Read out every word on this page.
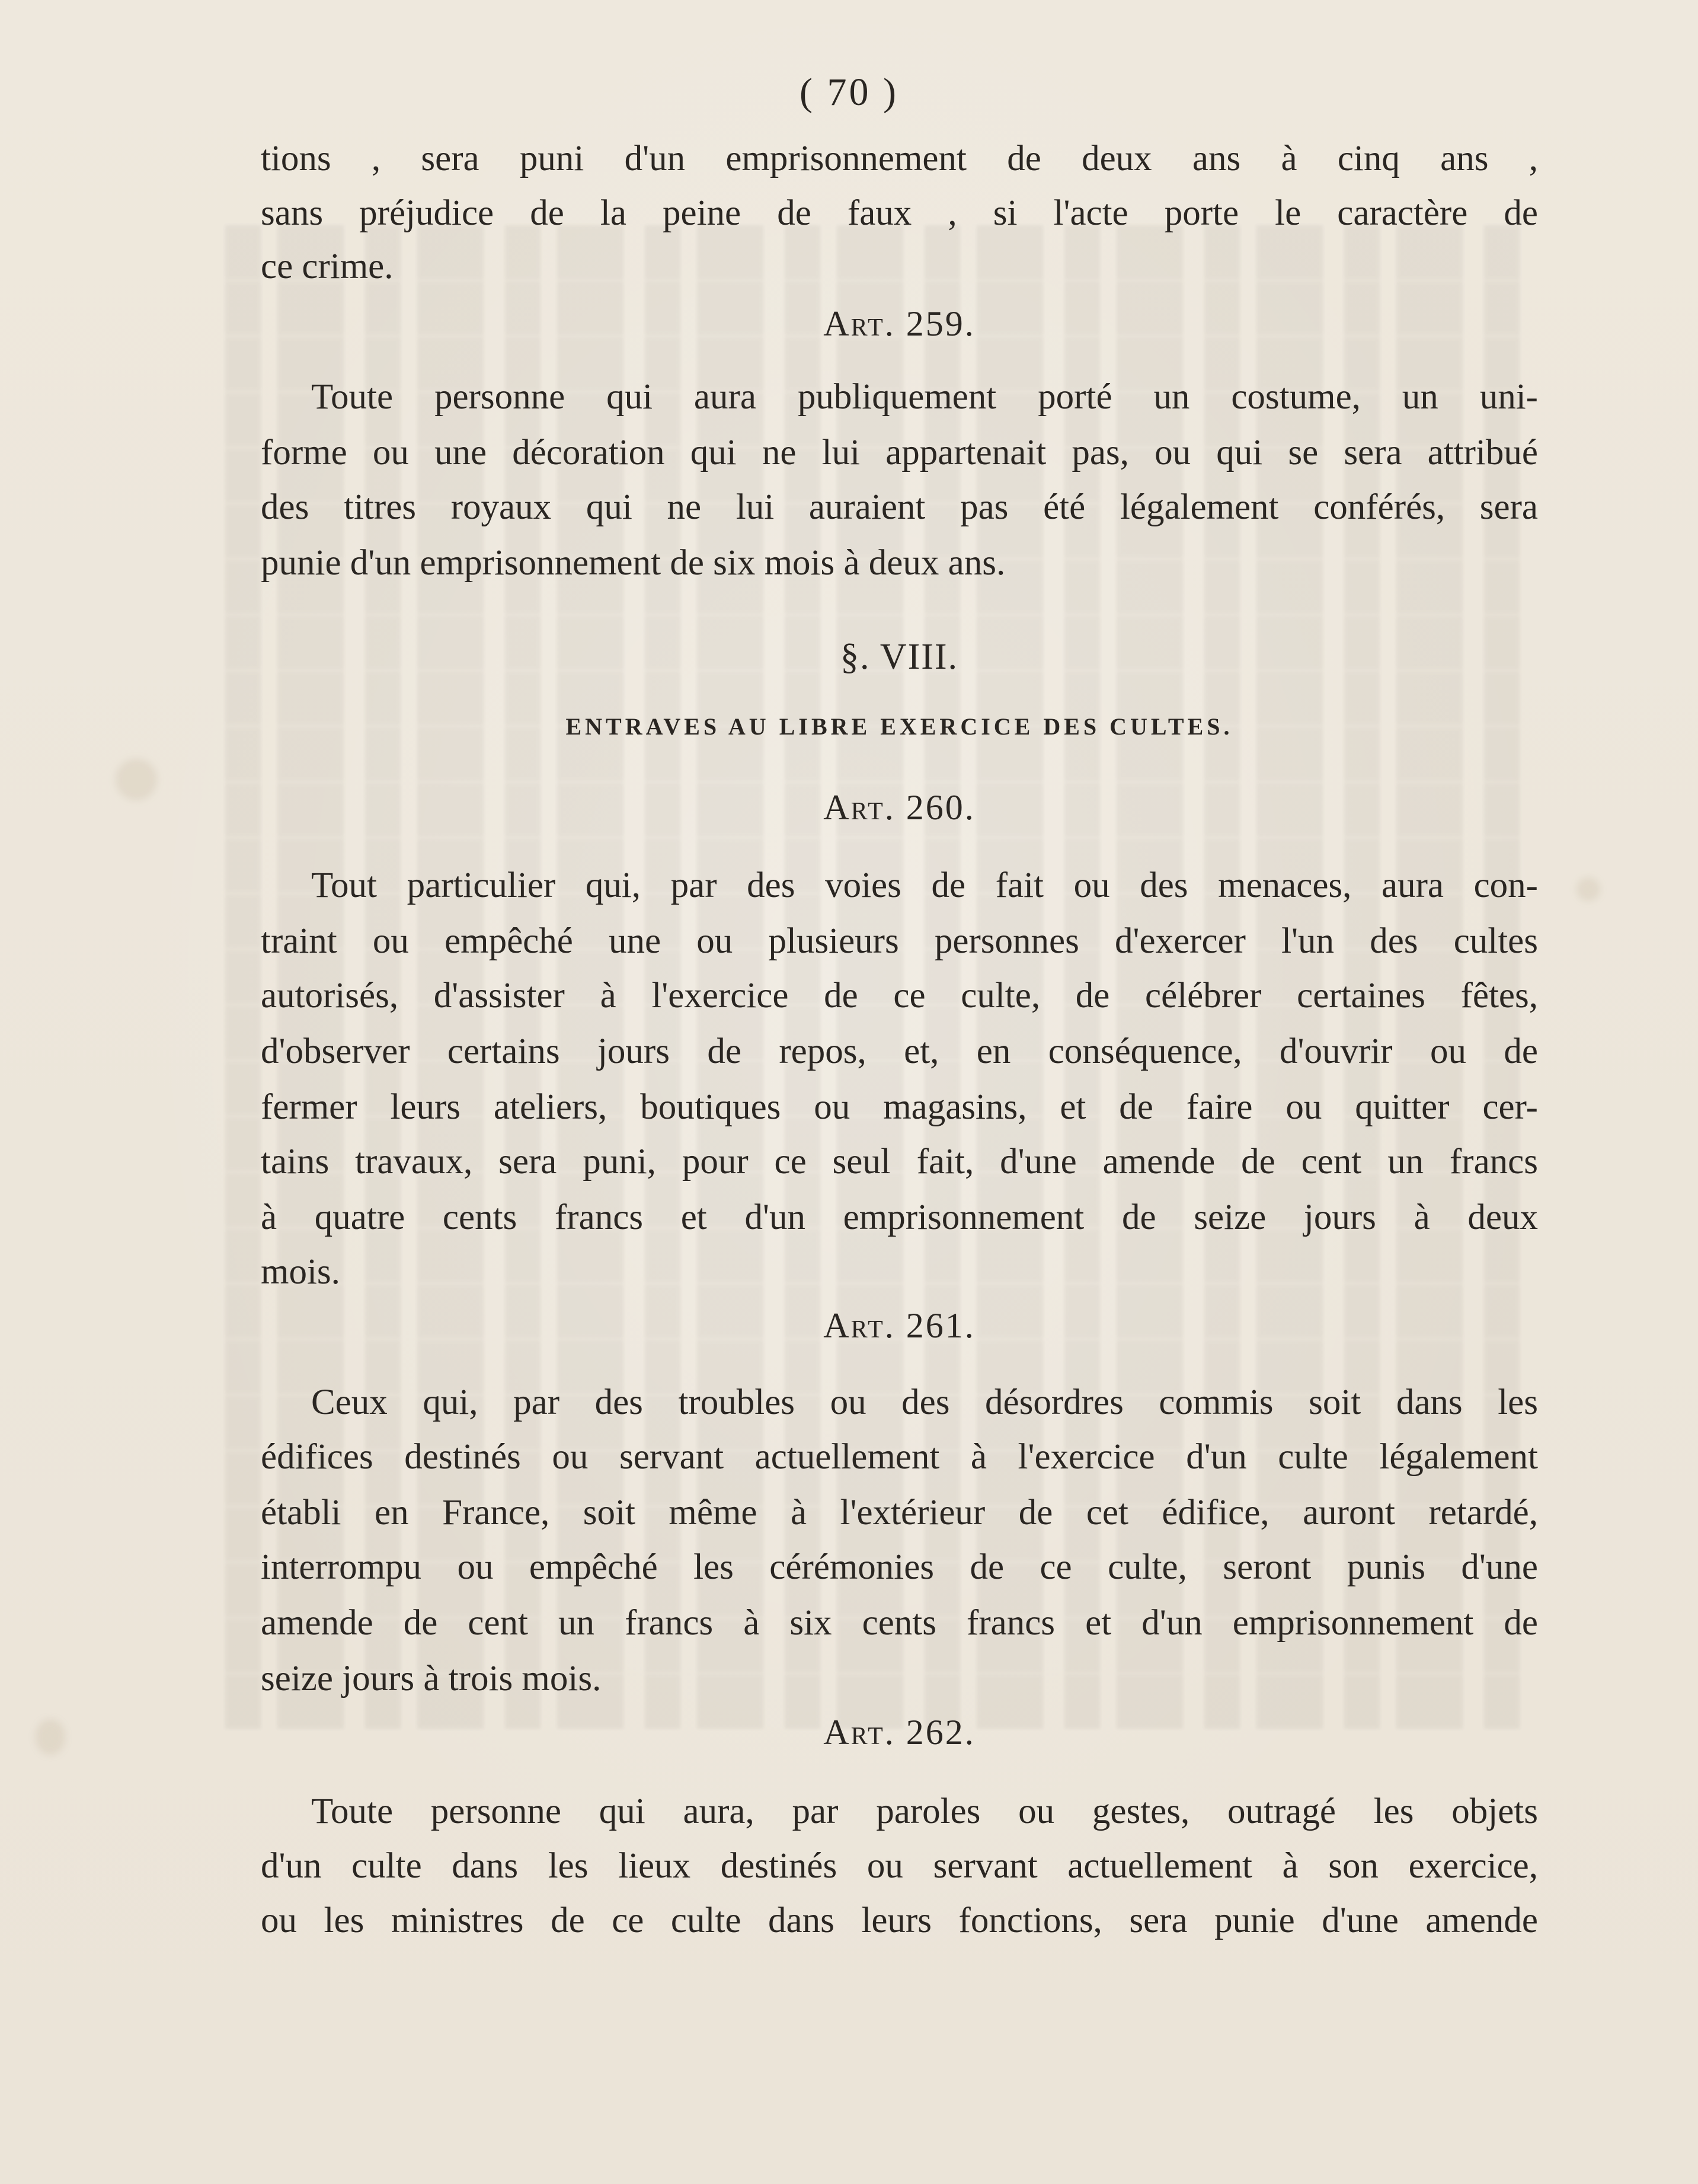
( 70 )
tions , sera puni d'un emprisonnement de deux ans à cinq ans ,
sans préjudice de la peine de faux , si l'acte porte le caractère de
ce crime.
Art. 259.
Toute personne qui aura publiquement porté un costume, un uni-
forme ou une décoration qui ne lui appartenait pas, ou qui se sera attribué
des titres royaux qui ne lui auraient pas été légalement conférés, sera
punie d'un emprisonnement de six mois à deux ans.
§. VIII.
ENTRAVES AU LIBRE EXERCICE DES CULTES.
Art. 260.
Tout particulier qui, par des voies de fait ou des menaces, aura con-
traint ou empêché une ou plusieurs personnes d'exercer l'un des cultes
autorisés, d'assister à l'exercice de ce culte, de célébrer certaines fêtes,
d'observer certains jours de repos, et, en conséquence, d'ouvrir ou de
fermer leurs ateliers, boutiques ou magasins, et de faire ou quitter cer-
tains travaux, sera puni, pour ce seul fait, d'une amende de cent un francs
à quatre cents francs et d'un emprisonnement de seize jours à deux
mois.
Art. 261.
Ceux qui, par des troubles ou des désordres commis soit dans les
édifices destinés ou servant actuellement à l'exercice d'un culte légalement
établi en France, soit même à l'extérieur de cet édifice, auront retardé,
interrompu ou empêché les cérémonies de ce culte, seront punis d'une
amende de cent un francs à six cents francs et d'un emprisonnement de
seize jours à trois mois.
Art. 262.
Toute personne qui aura, par paroles ou gestes, outragé les objets
d'un culte dans les lieux destinés ou servant actuellement à son exercice,
ou les ministres de ce culte dans leurs fonctions, sera punie d'une amende
